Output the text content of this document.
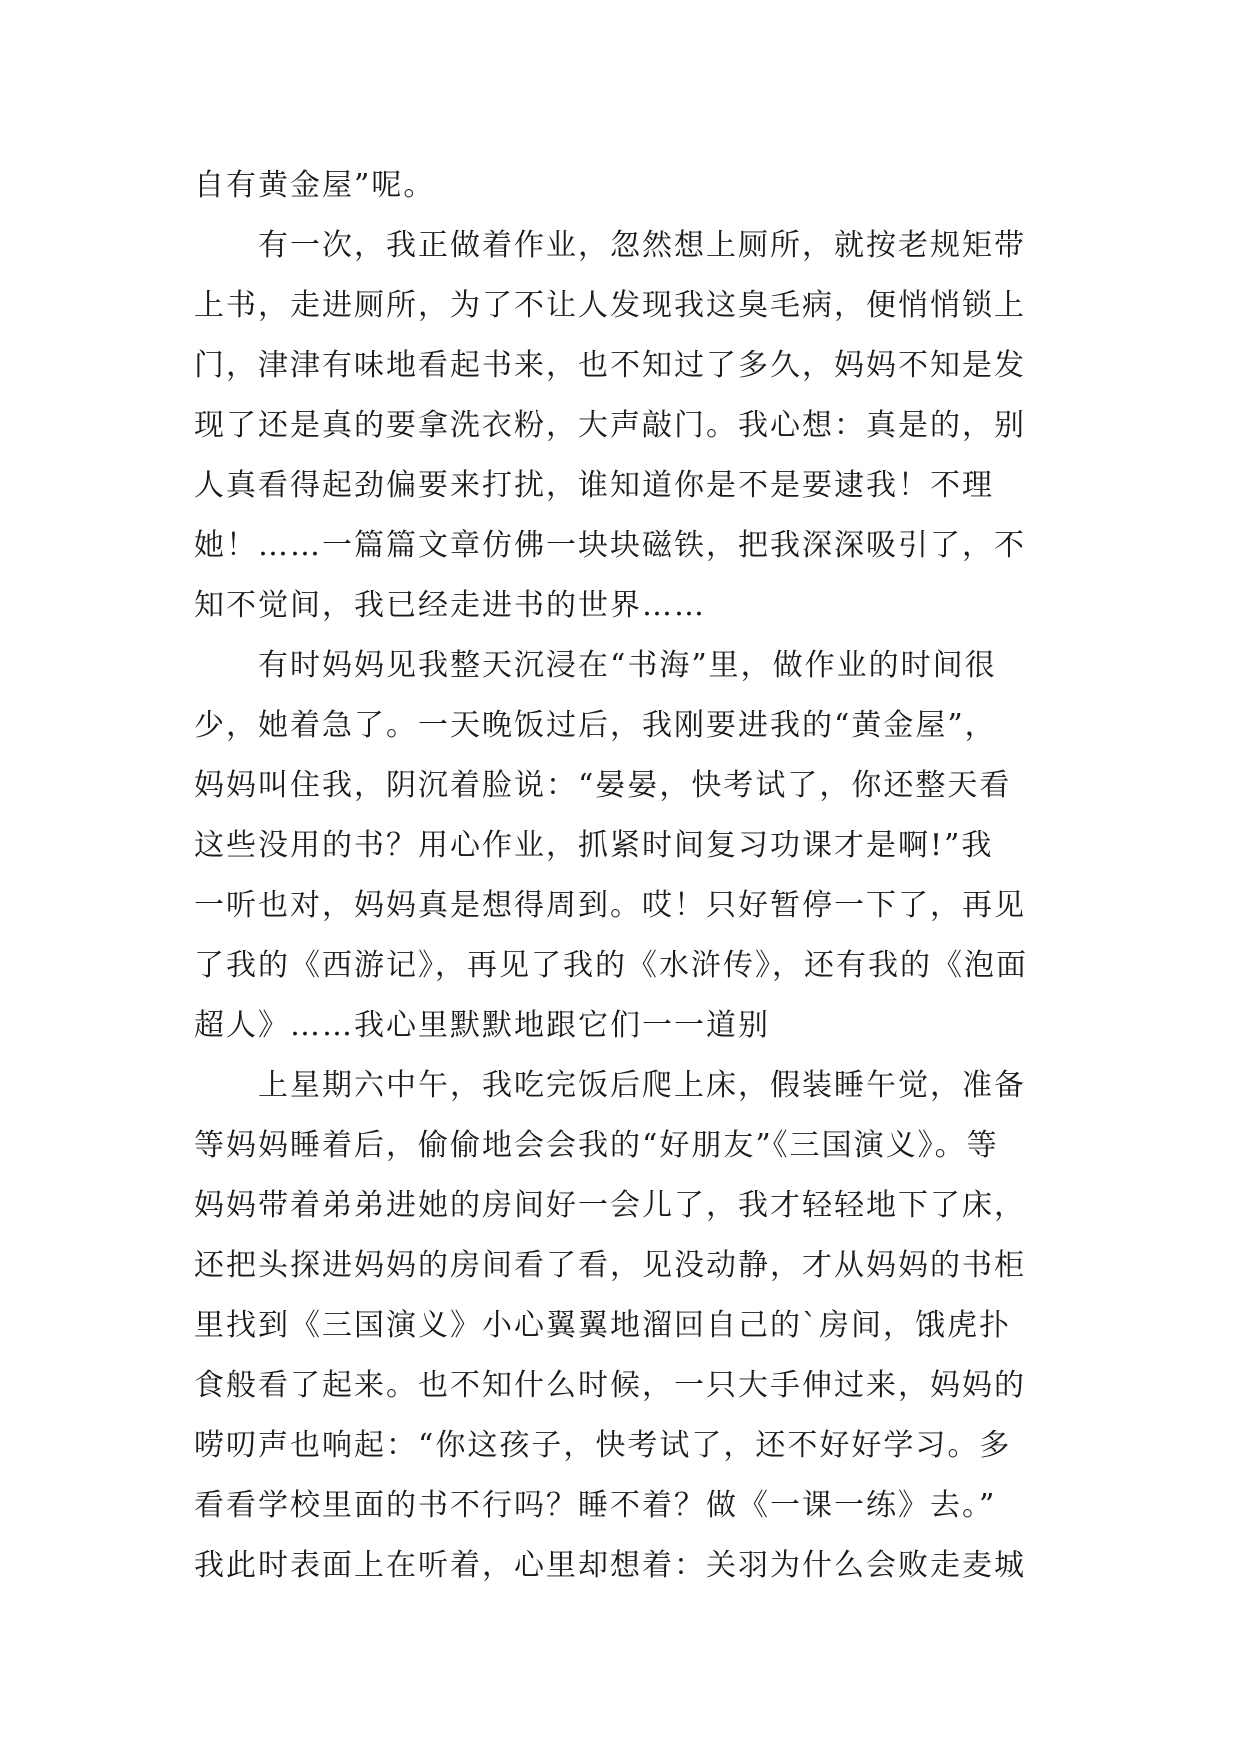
自有黄金屋”呢。
有一次，我正做着作业，忽然想上厕所，就按老规矩带
上书，走进厕所，为了不让人发现我这臭毛病，便悄悄锁上
门，津津有味地看起书来，也不知过了多久，妈妈不知是发
现了还是真的要拿洗衣粉，大声敲门。我心想：真是的，别
人真看得起劲偏要来打扰，谁知道你是不是要逮我！不理
她！……一篇篇文章仿佛一块块磁铁，把我深深吸引了，不
知不觉间，我已经走进书的世界……
有时妈妈见我整天沉浸在“书海”里，做作业的时间很
少，她着急了。一天晚饭过后，我刚要进我的“黄金屋”，
妈妈叫住我，阴沉着脸说：“晏晏，快考试了，你还整天看
这些没用的书？用心作业，抓紧时间复习功课才是啊!”我
一听也对，妈妈真是想得周到。哎！只好暂停一下了，再见
了我的《西游记》，再见了我的《水浒传》，还有我的《泡面
超人》……我心里默默地跟它们一一道别
上星期六中午，我吃完饭后爬上床，假装睡午觉，准备
等妈妈睡着后，偷偷地会会我的“好朋友”《三国演义》。等
妈妈带着弟弟进她的房间好一会儿了，我才轻轻地下了床，
还把头探进妈妈的房间看了看，见没动静，才从妈妈的书柜
里找到《三国演义》小心翼翼地溜回自己的`房间，饿虎扑
食般看了起来。也不知什么时候，一只大手伸过来，妈妈的
唠叨声也响起：“你这孩子，快考试了，还不好好学习。多
看看学校里面的书不行吗？睡不着？做《一课一练》去。”
我此时表面上在听着，心里却想着：关羽为什么会败走麦城
